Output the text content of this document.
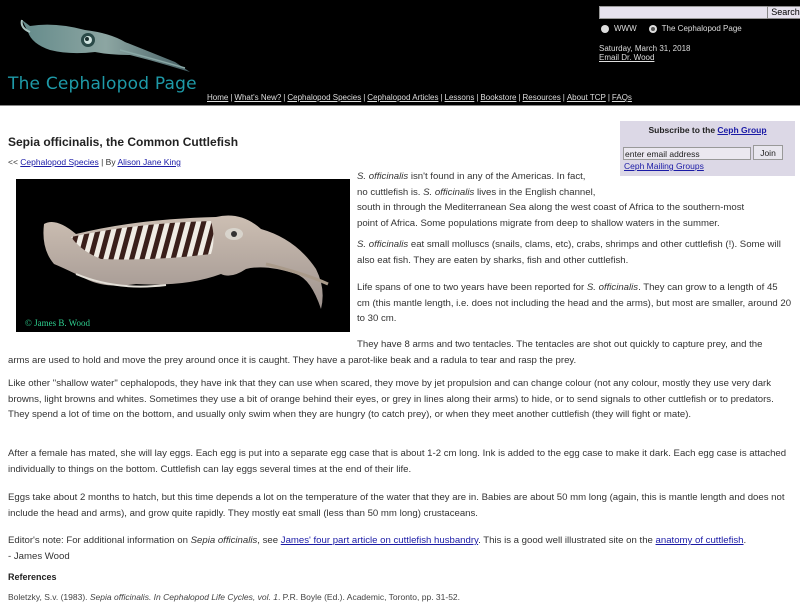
The Cephalopod Page
Search
WWW	The Cephalopod Page
Saturday, March 31, 2018
Email Dr. Wood
Home | What's New? | Cephalopod Species | Cephalopod Articles | Lessons | Bookstore | Resources | About TCP | FAQs
Sepia officinalis, the Common Cuttlefish
<< Cephalopod Species | By Alison Jane King
© James B. Wood
Subscribe to the Ceph Group
enter email address
Join
Ceph Mailing Groups
S. officinalis isn't found in any of the Americas. In fact,
no cuttlefish is. S. officinalis lives in the English channel,
south in through the Mediterranean Sea along the west coast of Africa to the southern-most
point of Africa. Some populations migrate from deep to shallow waters in the summer.
S. officinalis eat small molluscs (snails, clams, etc), crabs, shrimps and other cuttlefish (!). Some will also eat fish. They are eaten by sharks, fish and other cuttlefish.
Life spans of one to two years have been reported for S. officinalis. They can grow to a length of 45 cm (this mantle length, i.e. does not including the head and the arms), but most are smaller, around 20 to 30 cm.
They have 8 arms and two tentacles. The tentacles are shot out quickly to capture prey, and the
arms are used to hold and move the prey around once it is caught. They have a parot-like beak and a radula to tear and rasp the prey.
Like other "shallow water" cephalopods, they have ink that they can use when scared, they move by jet propulsion and can change colour (not any colour, mostly they use very dark browns, light browns and whites. Sometimes they use a bit of orange behind their eyes, or grey in lines along their arms) to hide, or to send signals to other cuttlefish or to predators. They spend a lot of time on the bottom, and usually only swim when they are hungry (to catch prey), or when they meet another cuttlefish (they will fight or mate).
After a female has mated, she will lay eggs. Each egg is put into a separate egg case that is about 1-2 cm long. Ink is added to the egg case to make it dark. Each egg case is attached individually to things on the bottom. Cuttlefish can lay eggs several times at the end of their life.
Eggs take about 2 months to hatch, but this time depends a lot on the temperature of the water that they are in. Babies are about 50 mm long (again, this is mantle length and does not include the head and arms), and grow quite rapidly. They mostly eat small (less than 50 mm long) crustaceans.
Editor's note: For additional information on Sepia officinalis, see James' four part article on cuttlefish husbandry. This is a good well illustrated site on the anatomy of cuttlefish.
- James Wood
References
Boletzky, S.v. (1983). Sepia officinalis. In Cephalopod Life Cycles, vol. 1. P.R. Boyle (Ed.). Academic, Toronto, pp. 31-52.
